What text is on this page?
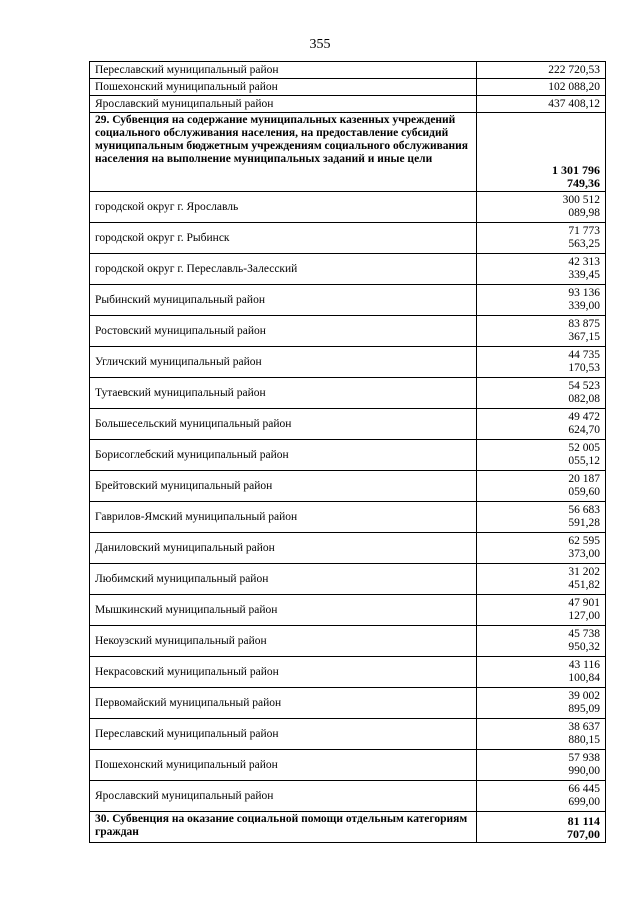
355
Переславский муниципальный район	222 720,53

Пошехонский муниципальный район	102 088,20

Ярославский муниципальный район	437 408,12

29. Субвенция на содержание муниципальных казенных учреждений социального обслуживания населения, на предоставление субсидий муниципальным бюджетным учреждениям социального обслуживания населения на выполнение муниципальных заданий и иные цели	1 301 796
749,36

городской округ г. Ярославль	300 512
089,98

городской округ г. Рыбинск	71 773
563,25

городской округ г. Переславль-Залесский	42 313
339,45

Рыбинский муниципальный район	93 136
339,00

Ростовский муниципальный район	83 875
367,15

Угличский муниципальный район	44 735
170,53

Тутаевский муниципальный район	54 523
082,08

Большесельский муниципальный район	49 472
624,70

Борисоглебский муниципальный район	52 005
055,12

Брейтовский муниципальный район	20 187
059,60

Гаврилов-Ямский муниципальный район	56 683
591,28

Даниловский муниципальный район	62 595
373,00

Любимский муниципальный район	31 202
451,82

Мышкинский муниципальный район	47 901
127,00

Некоузский муниципальный район	45 738
950,32

Некрасовский муниципальный район	43 116
100,84

Первомайский муниципальный район	39 002
895,09

Переславский муниципальный район	38 637
880,15

Пошехонский муниципальный район	57 938
990,00

Ярославский муниципальный район	66 445
699,00

30. Субвенция на оказание социальной помощи отдельным категориям граждан	81 114
707,00
